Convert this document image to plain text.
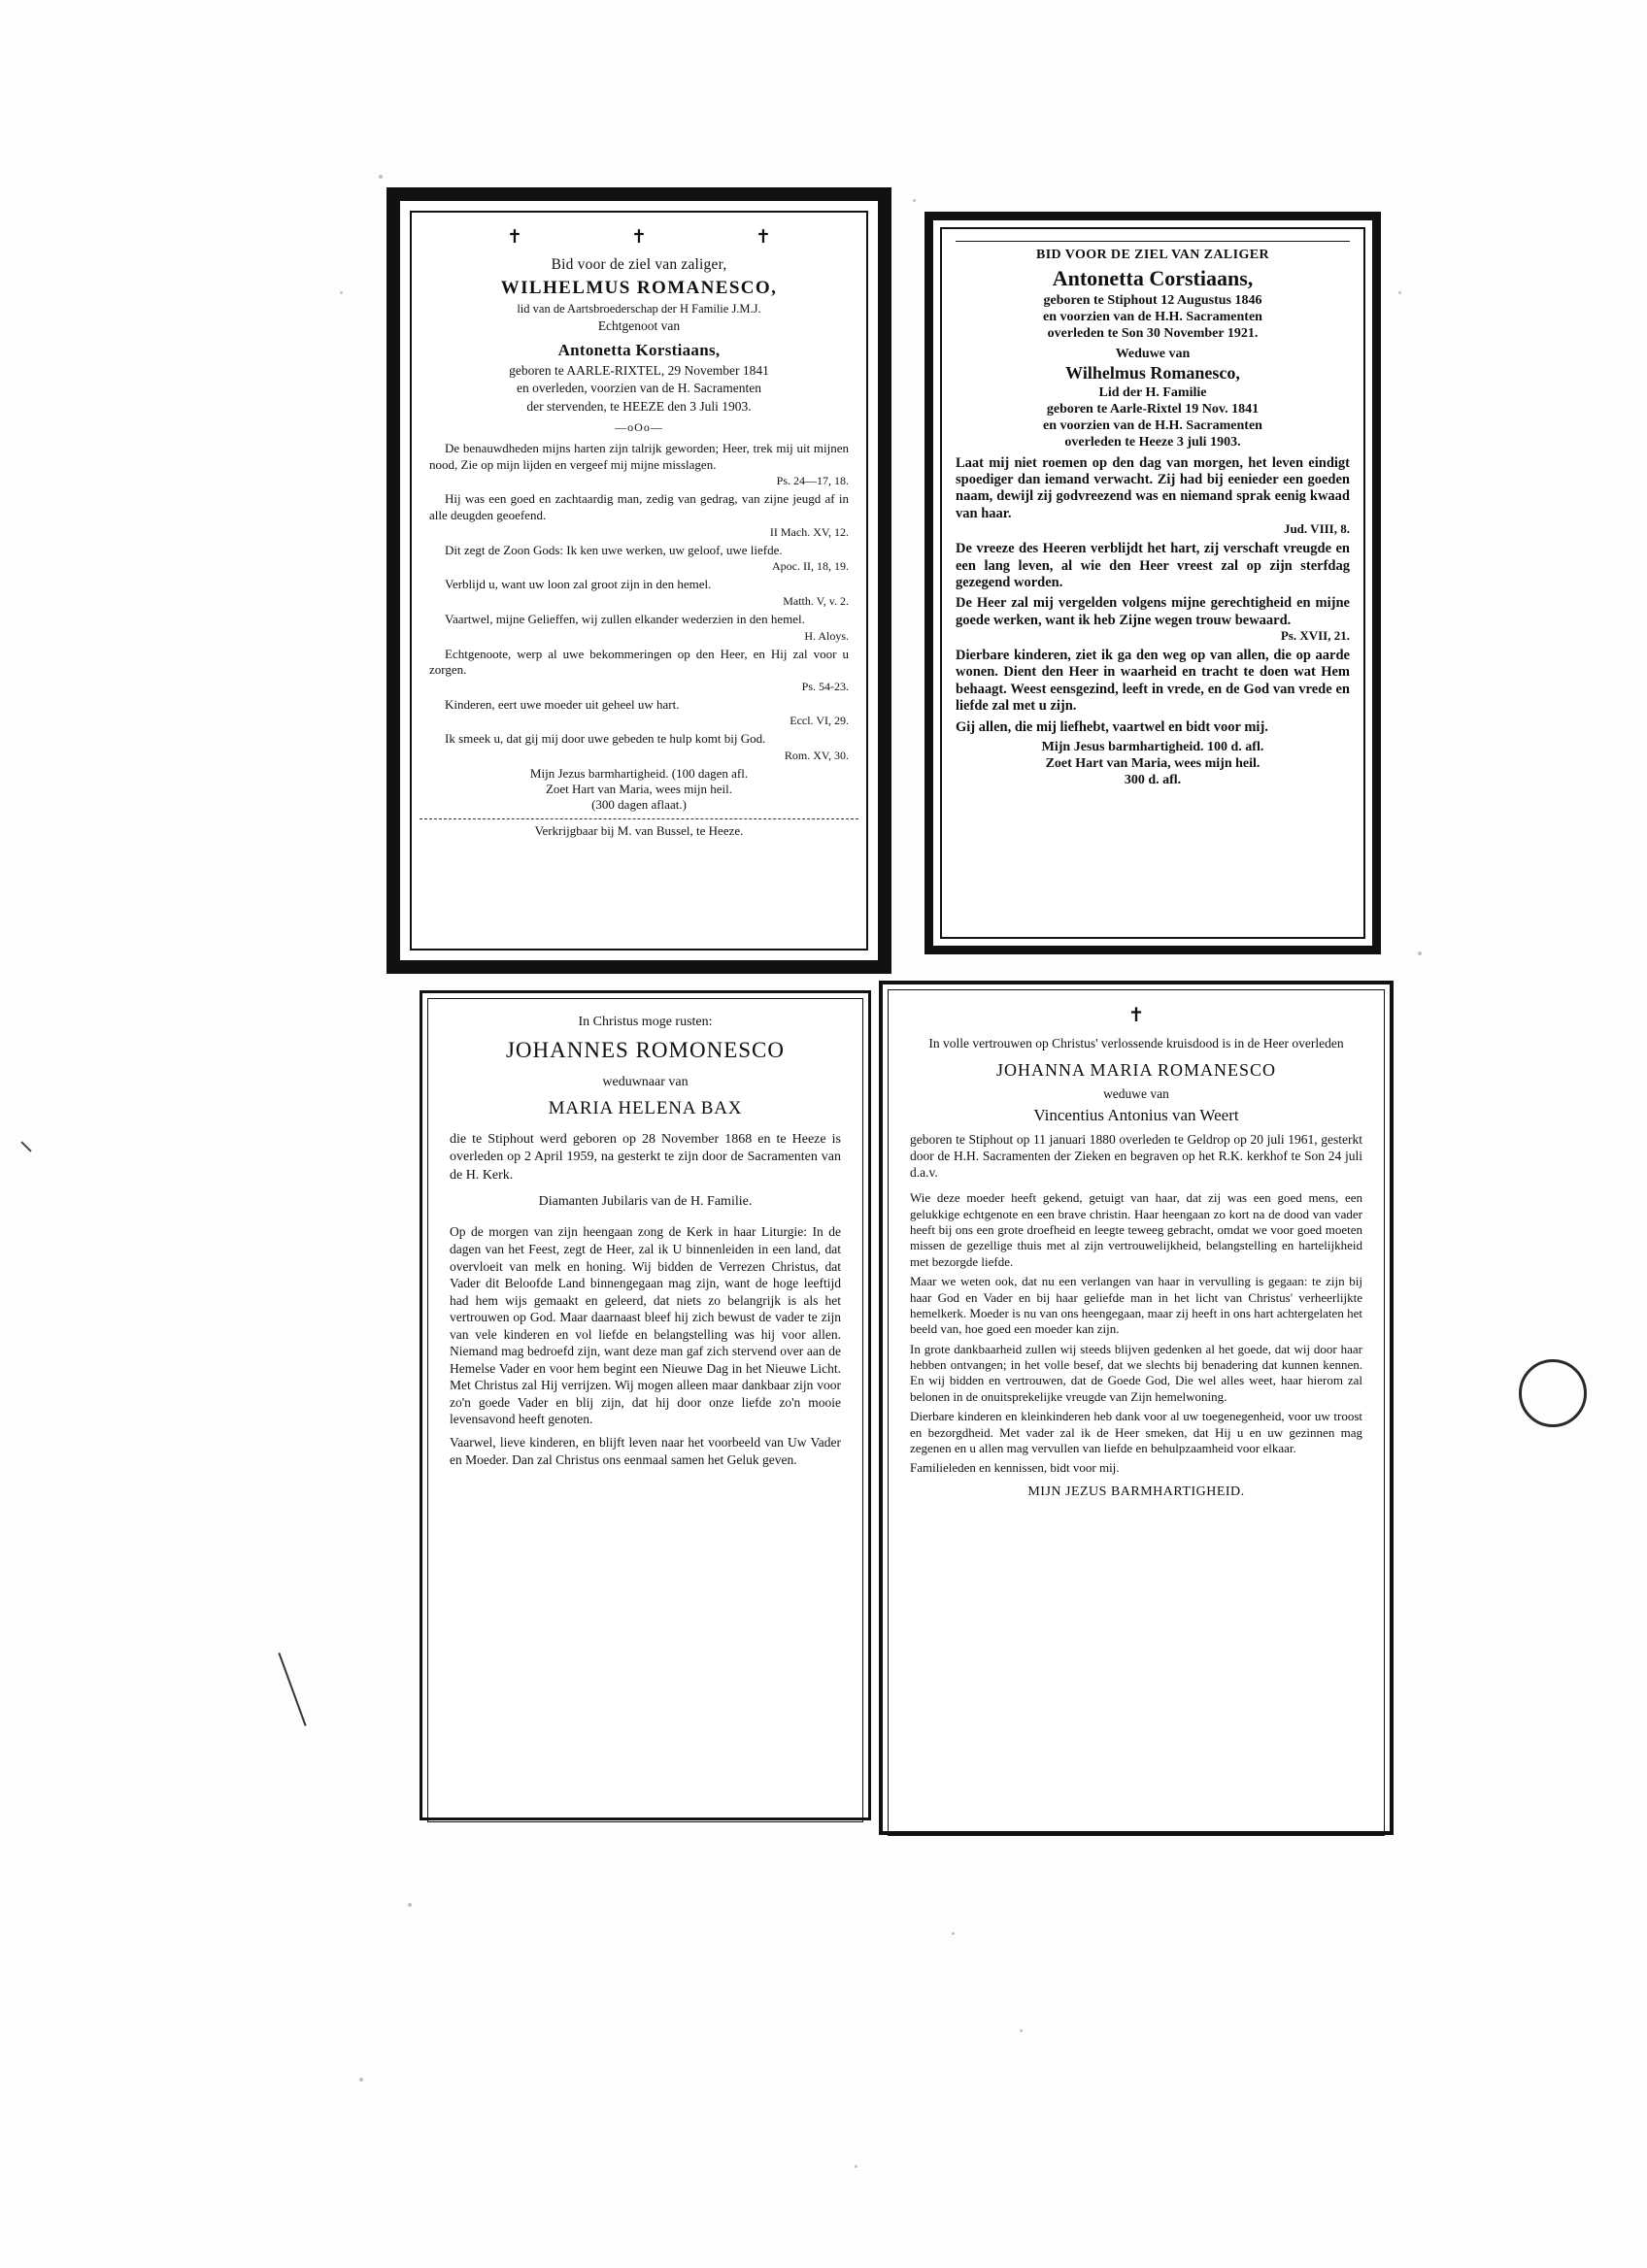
✝	✝	✝
Bid voor de ziel van zaliger,
WILHELMUS ROMANESCO,
lid van de Aartsbroederschap der H Familie J.M.J.
Echtgenoot van
Antonetta Korstiaans,
geboren te AARLE-RIXTEL, 29 November 1841
en overleden, voorzien van de H. Sacramenten
der stervenden, te HEEZE den 3 Juli 1903.
—oOo—

De benauwdheden mijns harten zijn talrijk geworden; Heer, trek mij uit mijnen nood, Zie op mijn lijden en vergeef mij mijne misslagen.

Ps. 24—17, 18.

Hij was een goed en zachtaardig man, zedig van gedrag, van zijne jeugd af in alle deugden geoefend.

II Mach. XV, 12.

Dit zegt de Zoon Gods: Ik ken uwe werken, uw geloof, uwe liefde.

Apoc. II, 18, 19.

Verblijd u, want uw loon zal groot zijn in den hemel.

Matth. V, v. 2.

Vaartwel, mijne Gelieffen, wij zullen elkander wederzien in den hemel.

H. Aloys.

Echtgenoote, werp al uwe bekommeringen op den Heer, en Hij zal voor u zorgen.

Ps. 54-23.

Kinderen, eert uwe moeder uit geheel uw hart.

Eccl. VI, 29.

Ik smeek u, dat gij mij door uwe gebeden te hulp komt bij God.

Rom. XV, 30.
Mijn Jezus barmhartigheid. (100 dagen afl.
Zoet Hart van Maria, wees mijn heil.
(300 dagen aflaat.)
Verkrijgbaar bij M. van Bussel, te Heeze.
BID VOOR DE ZIEL VAN ZALIGER
Antonetta Corstiaans,
geboren te Stiphout 12 Augustus 1846
en voorzien van de H.H. Sacramenten
overleden te Son 30 November 1921.
Weduwe van
Wilhelmus Romanesco,
Lid der H. Familie
geboren te Aarle-Rixtel 19 Nov. 1841
en voorzien van de H.H. Sacramenten
overleden te Heeze 3 juli 1903.

Laat mij niet roemen op den dag van morgen, het leven eindigt spoediger dan iemand verwacht. Zij had bij eenieder een goeden naam, dewijl zij godvreezend was en niemand sprak eenig kwaad van haar.

Jud. VIII, 8.

De vreeze des Heeren verblijdt het hart, zij verschaft vreugde en een lang leven, al wie den Heer vreest zal op zijn sterfdag gezegend worden.

De Heer zal mij vergelden volgens mijne gerechtigheid en mijne goede werken, want ik heb Zijne wegen trouw bewaard.

Ps. XVII, 21.

Dierbare kinderen, ziet ik ga den weg op van allen, die op aarde wonen. Dient den Heer in waarheid en tracht te doen wat Hem behaagt. Weest eensgezind, leeft in vrede, en de God van vrede en liefde zal met u zijn.

Gij allen, die mij liefhebt, vaartwel en bidt voor mij.

Mijn Jesus barmhartigheid. 100 d. afl.
Zoet Hart van Maria, wees mijn heil.
300 d. afl.
In Christus moge rusten:
JOHANNES ROMONESCO
weduwnaar van
MARIA HELENA BAX
die te Stiphout werd geboren op 28 November 1868 en te Heeze is overleden op 2 April 1959, na gesterkt te zijn door de Sacramenten van de H. Kerk.
Diamanten Jubilaris van de H. Familie.

Op de morgen van zijn heengaan zong de Kerk in haar Liturgie: In de dagen van het Feest, zegt de Heer, zal ik U binnenleiden in een land, dat overvloeit van melk en honing. Wij bidden de Verrezen Christus, dat Vader dit Beloofde Land binnengegaan mag zijn, want de hoge leeftijd had hem wijs gemaakt en geleerd, dat niets zo belangrijk is als het vertrouwen op God. Maar daarnaast bleef hij zich bewust de vader te zijn van vele kinderen en vol liefde en belangstelling was hij voor allen. Niemand mag bedroefd zijn, want deze man gaf zich stervend over aan de Hemelse Vader en voor hem begint een Nieuwe Dag in het Nieuwe Licht. Met Christus zal Hij verrijzen. Wij mogen alleen maar dankbaar zijn voor zo'n goede Vader en blij zijn, dat hij door onze liefde zo'n mooie levensavond heeft genoten.

Vaarwel, lieve kinderen, en blijft leven naar het voorbeeld van Uw Vader en Moeder. Dan zal Christus ons eenmaal samen het Geluk geven.

✝
In volle vertrouwen op Christus' verlossende kruisdood is in de Heer overleden
JOHANNA MARIA ROMANESCO
weduwe van
Vincentius Antonius van Weert
geboren te Stiphout op 11 januari 1880 overleden te Geldrop op 20 juli 1961, gesterkt door de H.H. Sacramenten der Zieken en begraven op het R.K. kerkhof te Son 24 juli d.a.v.

Wie deze moeder heeft gekend, getuigt van haar, dat zij was een goed mens, een gelukkige echtgenote en een brave christin. Haar heengaan zo kort na de dood van vader heeft bij ons een grote droefheid en leegte teweeg gebracht, omdat we voor goed moeten missen de gezellige thuis met al zijn vertrouwelijkheid, belangstelling en hartelijkheid met bezorgde liefde.

Maar we weten ook, dat nu een verlangen van haar in vervulling is gegaan: te zijn bij haar God en Vader en bij haar geliefde man in het licht van Christus' verheerlijkte hemelkerk. Moeder is nu van ons heengegaan, maar zij heeft in ons hart achtergelaten het beeld van, hoe goed een moeder kan zijn.

In grote dankbaarheid zullen wij steeds blijven gedenken al het goede, dat wij door haar hebben ontvangen; in het volle besef, dat we slechts bij benadering dat kunnen kennen. En wij bidden en vertrouwen, dat de Goede God, Die wel alles weet, haar hierom zal belonen in de onuitsprekelijke vreugde van Zijn hemelwoning.

Dierbare kinderen en kleinkinderen heb dank voor al uw toegenegenheid, voor uw troost en bezorgdheid. Met vader zal ik de Heer smeken, dat Hij u en uw gezinnen mag zegenen en u allen mag vervullen van liefde en behulpzaamheid voor elkaar.

Familieleden en kennissen, bidt voor mij.

MIJN JEZUS BARMHARTIGHEID.
